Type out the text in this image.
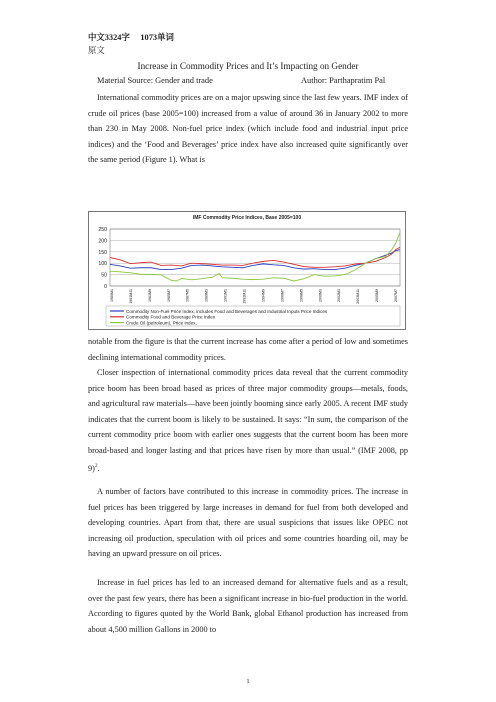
中文3324字　 1073单词
原文
Increase in Commodity Prices and It’s Impacting on Gender
Material Source: Gender and trade	Author: Parthapratim Pal
International commodity prices are on a major upswing since the last few years. IMF index of crude oil prices (base 2005=100) increased from a value of around 36 in January 2002 to more than 230 in May 2008. Non-fuel price index (which include food and industrial input price indices) and the ‘Food and Beverages’ price index have also increased quite significantly over the same period (Figure 1). What is
IMF Commodity Price Indices, Base 2005=100
0
50
100
150
200
250
1980M1	1981M11	1983M9	1985M7	1987M5	1989M3	1991M1	1992M11	1994M9	1996M7	1998M5	2000M3	2002M1	2003M11	2005M9	2007M7
Commodity Non-Fuel Price Index, includes Food and Beverages and Industrial Inputs Price Indices
Commodity Food and Beverage Price Index
Crude Oil (petroleum), Price index,
notable from the figure is that the current increase has come after a period of low and sometimes declining international commodity prices.
Closer inspection of international commodity prices data reveal that the current commodity price boom has been broad based as prices of three major commodity groups—metals, foods, and agricultural raw materials—have been jointly booming since early 2005. A recent IMF study indicates that the current boom is likely to be sustained. It says: “In sum, the comparison of the current commodity price boom with earlier ones suggests that the current boom has been more broad-based and longer lasting and that prices have risen by more than usual.” (IMF 2008, pp 9)$^2$.
A number of factors have contributed to this increase in commodity prices. The increase in fuel prices has been triggered by large increases in demand for fuel from both developed and developing countries. Apart from that, there are usual suspicions that issues like OPEC not increasing oil production, speculation with oil prices and some countries hoarding oil, may be having an upward pressure on oil prices.
Increase in fuel prices has led to an increased demand for alternative fuels and as a result, over the past few years, there has been a significant increase in bio-fuel production in the world. According to figures quoted by the World Bank, global Ethanol production has increased from about 4,500 million Gallons in 2000 to
1
